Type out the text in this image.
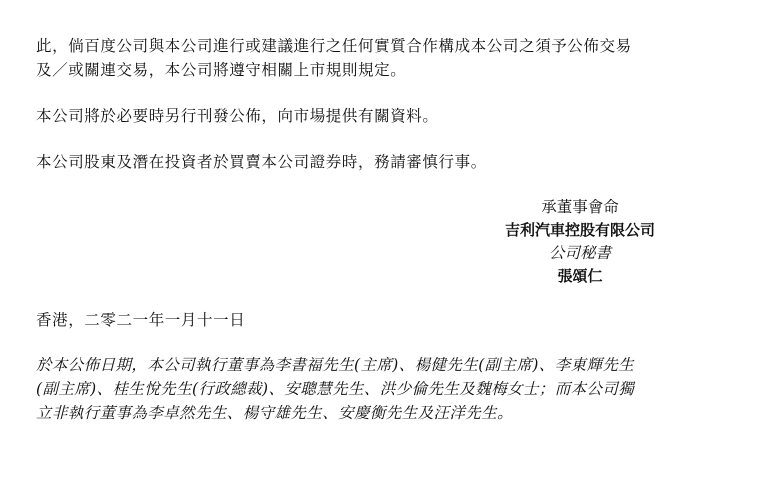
此，倘百度公司與本公司進行或建議進行之任何實質合作構成本公司之須予公佈交易
及／或關連交易，本公司將遵守相關上市規則規定。

本公司將於必要時另行刊發公佈，向市場提供有關資料。

本公司股東及潛在投資者於買賣本公司證券時，務請審慎行事。

承董事會命
吉利汽車控股有限公司
公司秘書
張頌仁

香港，二零二一年一月十一日

於本公佈日期，本公司執行董事為李書福先生(主席)、楊健先生(副主席)、李東輝先生
(副主席)、桂生悅先生(行政總裁)、安聰慧先生、洪少倫先生及魏梅女士；而本公司獨
立非執行董事為李卓然先生、楊守雄先生、安慶衡先生及汪洋先生。
